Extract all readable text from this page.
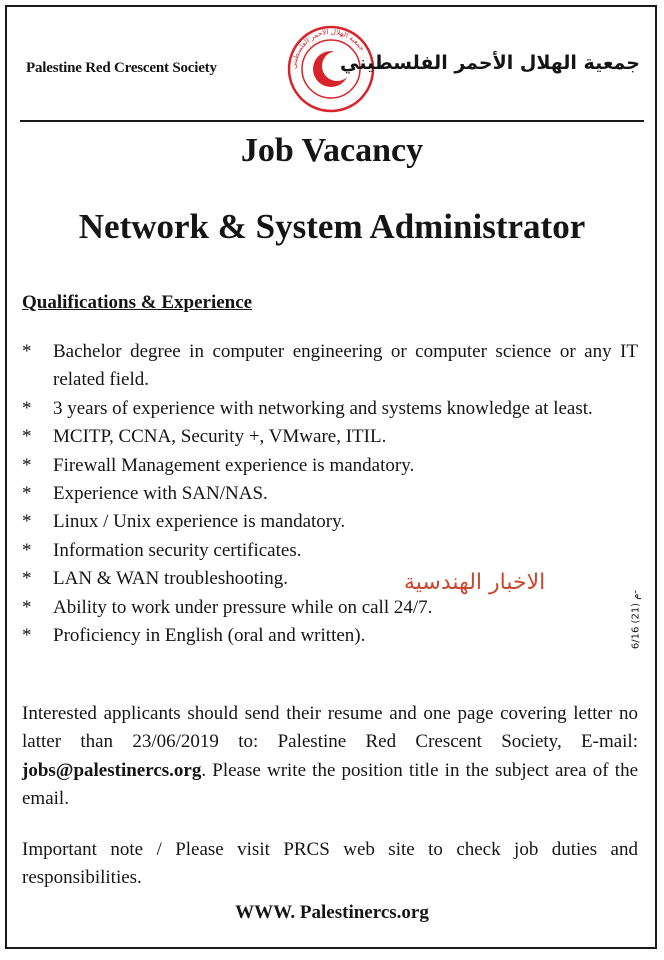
Palestine Red Crescent Society	جمعية الهلال الأحمر الفلسطيني
جمعية الهلال الأحمر الفلسطيني
Job Vacancy
Network & System Administrator
Qualifications & Experience
* Bachelor degree in computer engineering or computer science or any IT related field.
* 3 years of experience with networking and systems knowledge at least.
* MCITP, CCNA, Security +, VMware, ITIL.
* Firewall Management experience is mandatory.
* Experience with SAN/NAS.
* Linux / Unix experience is mandatory.
* Information security certificates.
* LAN & WAN troubleshooting.
* Ability to work under pressure while on call 24/7.
* Proficiency in English (oral and written).
الاخبار الهندسية
6/16 (21) م-

Interested applicants should send their resume and one page covering letter no latter than 23/06/2019 to: Palestine Red Crescent Society, E-mail: jobs@palestinercs.org. Please write the position title in the subject area of the email.

Important note / Please visit PRCS web site to check job duties and responsibilities.

WWW. Palestinercs.org
